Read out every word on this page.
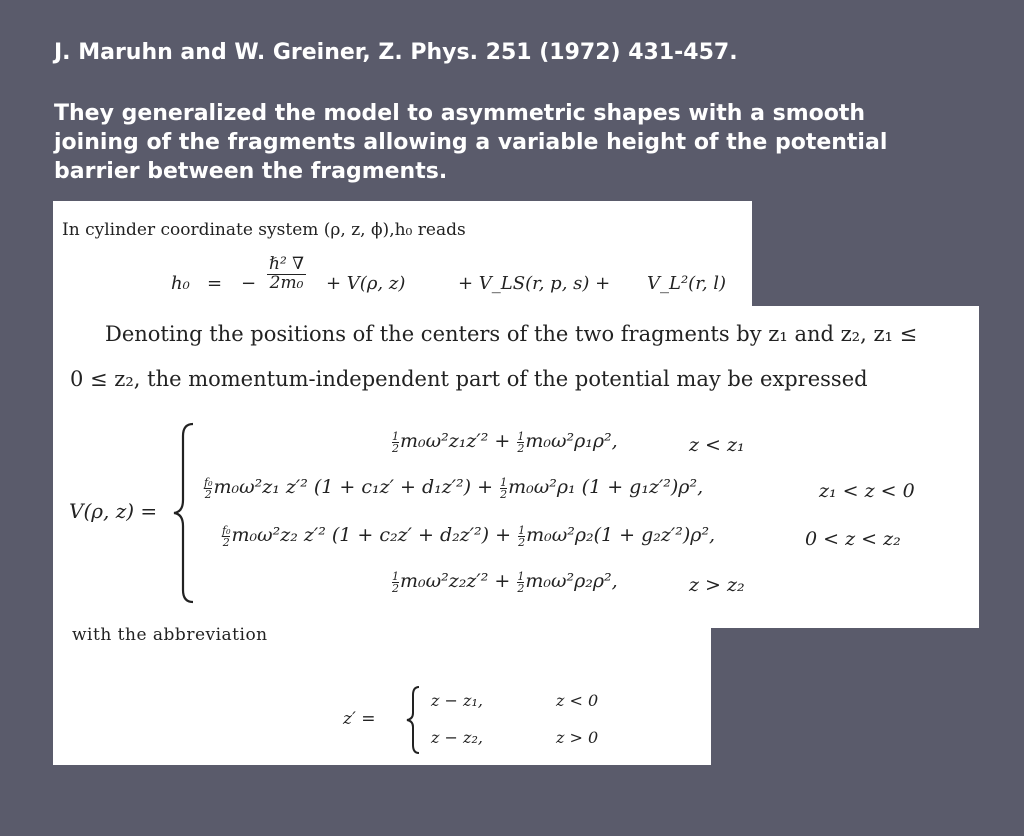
J. Maruhn and W. Greiner, Z. Phys. 251 (1972) 431-457.

They generalized the model to asymmetric shapes with a smooth joining of the fragments allowing a variable height of the potential barrier between the fragments.

In cylinder coordinate system (ρ, z, ϕ),h₀ reads
h₀ = − $\frac{\text{ℏ² ∇}}{\text{2m₀}} + V(\rho$, z)	+ V_LS(r, p, s) + V_L²(r, l)
Denoting the positions of the centers of the two fragments by z₁ and z₂, z₁ ≤
0 ≤ z₂, the momentum-independent part of the potential may be expressed
V(ρ, z) =
$\frac{1}{2} m_0\omega^2z_1z'^2 + \frac{1}{2} m_0\omega^2\rho_1\rho^2$,	z < z₁
$\frac{\text{f₀}}{2} m_0\omega^2z_1$ z′² $(1 + c_1z' + d_1z'^2) + \frac{1}{2} m_0\omega^2\rho_1$ (1 + g₁z′²)ρ²,	z₁ < z < 0
$\frac{\text{f₀}}{2} m_0\omega^2z_2$ z′² $(1 + c_2z' + d_2z'^2) + \frac{1}{2} m_0\omega^2\rho_2(1 + g_2z'^2)\rho^2$,	0 < z < z₂
$\frac{1}{2} m_0\omega^2z_2z'^2 + \frac{1}{2} m_0\omega^2\rho_2\rho^2$,	z > z₂
with the abbreviation
z′ =
z − z₁,	z < 0
z − z₂,	z > 0
